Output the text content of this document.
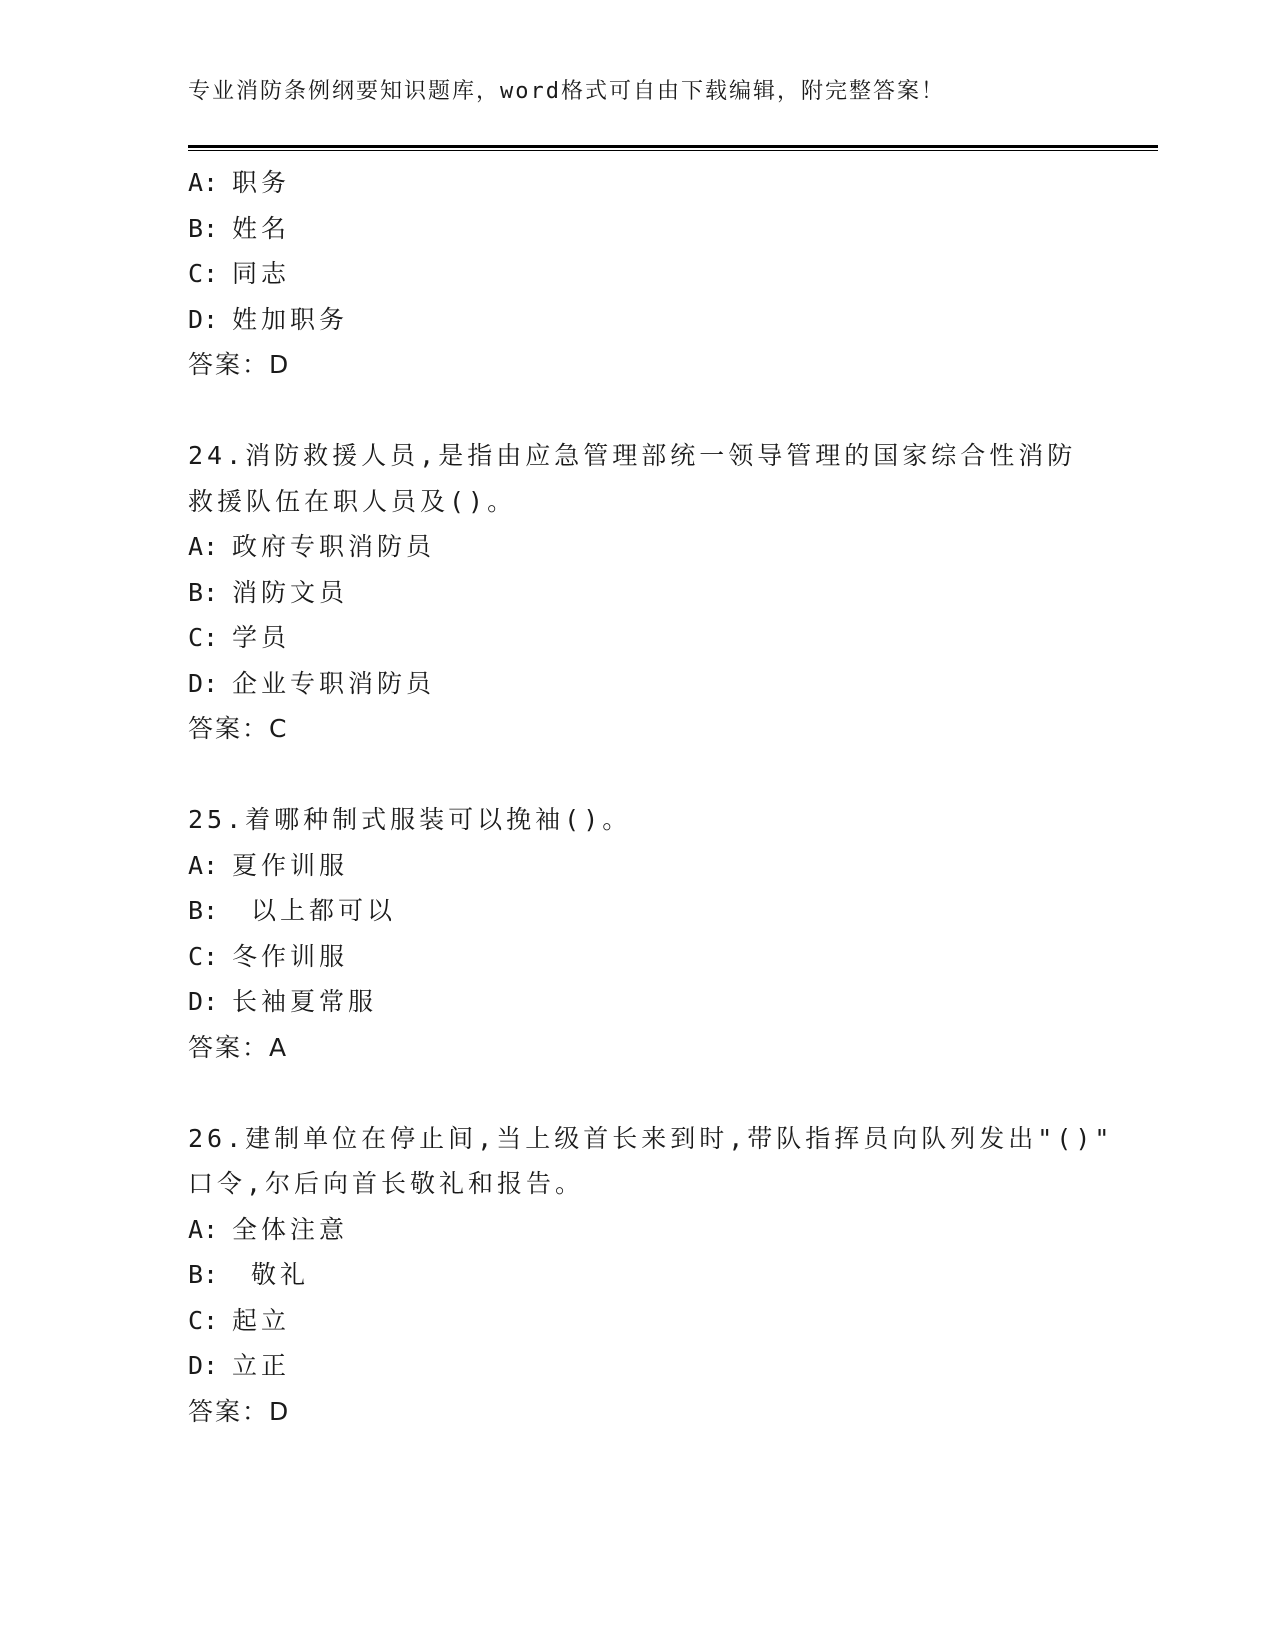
专业消防条例纲要知识题库，word格式可自由下载编辑，附完整答案！
A: 职务
B: 姓名
C: 同志
D: 姓加职务
答案：D
24.消防救援人员,是指由应急管理部统一领导管理的国家综合性消防
救援队伍在职人员及()。
A: 政府专职消防员
B: 消防文员
C: 学员
D: 企业专职消防员
答案：C
25.着哪种制式服装可以挽袖()。
A: 夏作训服
B: 以上都可以
C: 冬作训服
D: 长袖夏常服
答案：A
26.建制单位在停止间,当上级首长来到时,带队指挥员向队列发出"()"
口令,尔后向首长敬礼和报告。
A: 全体注意
B: 敬礼
C: 起立
D: 立正
答案：D
